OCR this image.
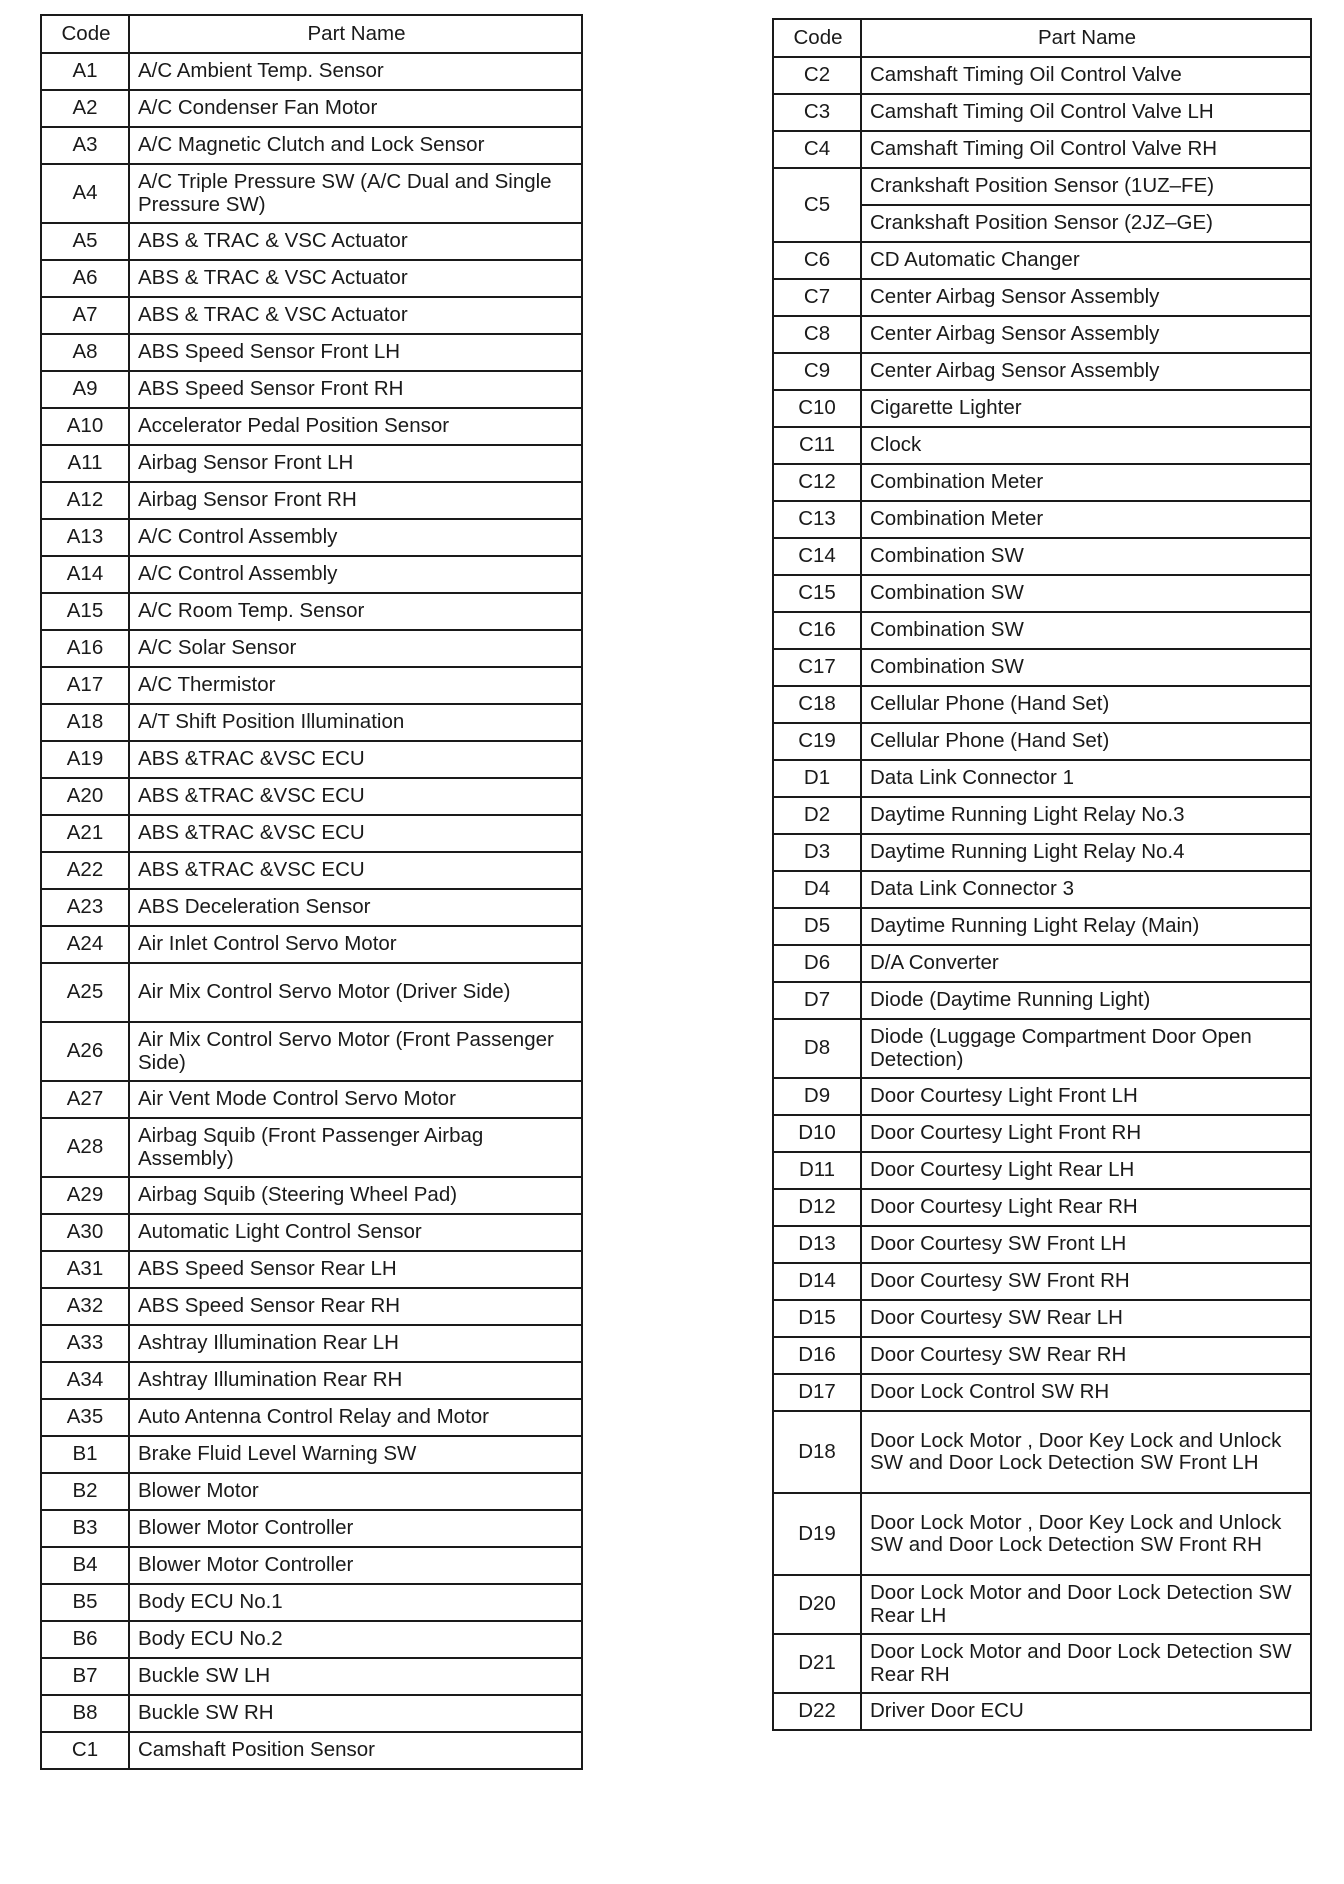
Code	Part Name
A1	A/C Ambient Temp. Sensor
A2	A/C Condenser Fan Motor
A3	A/C Magnetic Clutch and Lock Sensor
A4	A/C Triple Pressure SW (A/C Dual and Single Pressure SW)
A5	ABS & TRAC & VSC Actuator
A6	ABS & TRAC & VSC Actuator
A7	ABS & TRAC & VSC Actuator
A8	ABS Speed Sensor Front LH
A9	ABS Speed Sensor Front RH
A10	Accelerator Pedal Position Sensor
A11	Airbag Sensor Front LH
A12	Airbag Sensor Front RH
A13	A/C Control Assembly
A14	A/C Control Assembly
A15	A/C Room Temp. Sensor
A16	A/C Solar Sensor
A17	A/C Thermistor
A18	A/T Shift Position Illumination
A19	ABS &TRAC &VSC ECU
A20	ABS &TRAC &VSC ECU
A21	ABS &TRAC &VSC ECU
A22	ABS &TRAC &VSC ECU
A23	ABS Deceleration Sensor
A24	Air Inlet Control Servo Motor
A25	Air Mix Control Servo Motor (Driver Side)
A26	Air Mix Control Servo Motor (Front Passenger Side)
A27	Air Vent Mode Control Servo Motor
A28	Airbag Squib (Front Passenger Airbag Assembly)
A29	Airbag Squib (Steering Wheel Pad)
A30	Automatic Light Control Sensor
A31	ABS Speed Sensor Rear LH
A32	ABS Speed Sensor Rear RH
A33	Ashtray Illumination Rear LH
A34	Ashtray Illumination Rear RH
A35	Auto Antenna Control Relay and Motor
B1	Brake Fluid Level Warning SW
B2	Blower Motor
B3	Blower Motor Controller
B4	Blower Motor Controller
B5	Body ECU No.1
B6	Body ECU No.2
B7	Buckle SW LH
B8	Buckle SW RH
C1	Camshaft Position Sensor
Code	Part Name
C2	Camshaft Timing Oil Control Valve
C3	Camshaft Timing Oil Control Valve LH
C4	Camshaft Timing Oil Control Valve RH
C5	Crankshaft Position Sensor (1UZ–FE)
	Crankshaft Position Sensor (2JZ–GE)
C6	CD Automatic Changer
C7	Center Airbag Sensor Assembly
C8	Center Airbag Sensor Assembly
C9	Center Airbag Sensor Assembly
C10	Cigarette Lighter
C11	Clock
C12	Combination Meter
C13	Combination Meter
C14	Combination SW
C15	Combination SW
C16	Combination SW
C17	Combination SW
C18	Cellular Phone (Hand Set)
C19	Cellular Phone (Hand Set)
D1	Data Link Connector 1
D2	Daytime Running Light Relay No.3
D3	Daytime Running Light Relay No.4
D4	Data Link Connector 3
D5	Daytime Running Light Relay (Main)
D6	D/A Converter
D7	Diode (Daytime Running Light)
D8	Diode (Luggage Compartment Door Open Detection)
D9	Door Courtesy Light Front LH
D10	Door Courtesy Light Front RH
D11	Door Courtesy Light Rear LH
D12	Door Courtesy Light Rear RH
D13	Door Courtesy SW Front LH
D14	Door Courtesy SW Front RH
D15	Door Courtesy SW Rear LH
D16	Door Courtesy SW Rear RH
D17	Door Lock Control SW RH
D18	Door Lock Motor , Door Key Lock and Unlock SW and Door Lock Detection SW Front LH
D19	Door Lock Motor , Door Key Lock and Unlock SW and Door Lock Detection SW Front RH
D20	Door Lock Motor and Door Lock Detection SW Rear LH
D21	Door Lock Motor and Door Lock Detection SW Rear RH
D22	Driver Door ECU
